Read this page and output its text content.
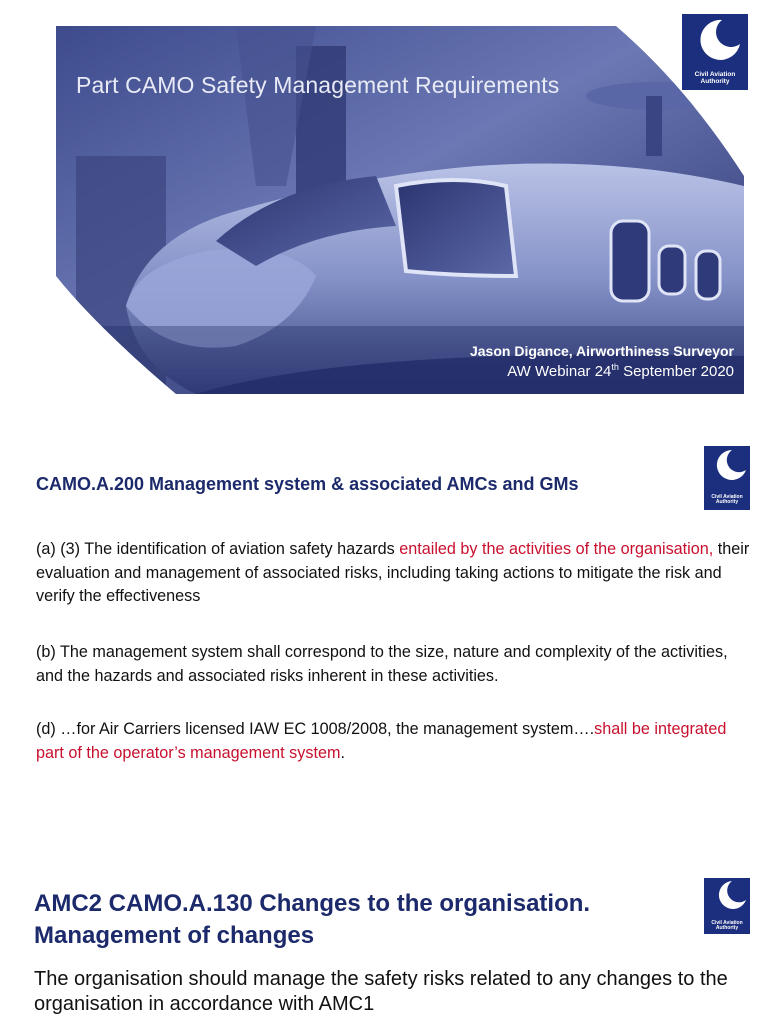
Part CAMO Safety Management Requirements
Jason Digance, Airworthiness Surveyor
AW Webinar 24th September 2020
Civil Aviation
Authority
CAMO.A.200 Management system & associated AMCs and GMs
Civil Aviation
Authority
(a) (3) The identification of aviation safety hazards entailed by the activities of the organisation, their evaluation and management of associated risks, including taking actions to mitigate the risk and verify the effectiveness
(b) The management system shall correspond to the size, nature and complexity of the activities, and the hazards and associated risks inherent in these activities.
(d) …for Air Carriers licensed IAW EC 1008/2008, the management system….shall be integrated part of the operator’s management system.
AMC2 CAMO.A.130 Changes to the organisation.
Management of changes	Civil Aviation
Authority
The organisation should manage the safety risks related to any changes to the organisation in accordance with AMC1
